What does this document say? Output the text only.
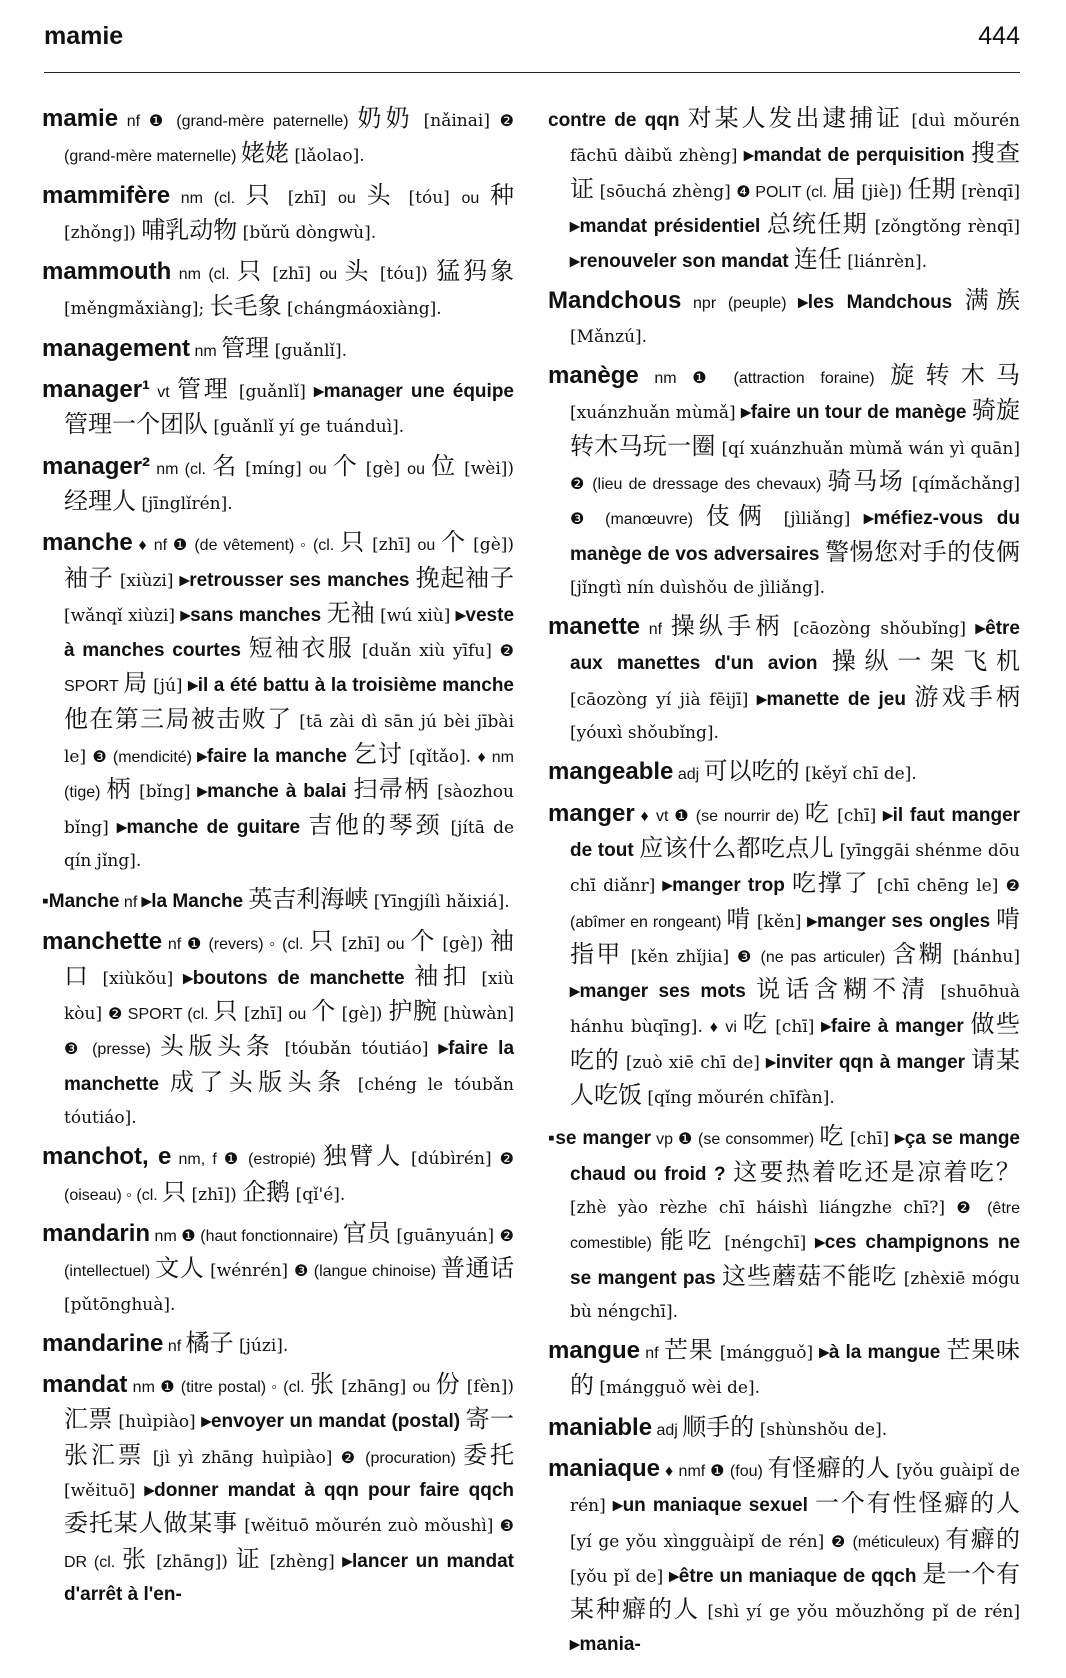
mamie	444

mamie nf ❶ (grand-mère paternelle) 奶奶 [nǎinai] ❷ (grand-mère maternelle) 姥姥 [lǎolao].

mammifère nm (cl. 只 [zhī] ou 头 [tóu] ou 种 [zhǒng]) 哺乳动物 [bǔrǔ dòngwù].

mammouth nm (cl. 只 [zhī] ou 头 [tóu]) 猛犸象 [měngmǎxiàng]; 长毛象 [chángmáoxiàng].

management nm 管理 [guǎnlǐ].

manager¹ vt 管理 [guǎnlǐ] ▸manager une équipe 管理一个团队 [guǎnlǐ yí ge tuánduì].

manager² nm (cl. 名 [míng] ou 个 [gè] ou 位 [wèi]) 经理人 [jīnglǐrén].

manche ♦ nf ❶ (de vêtement) ◦ (cl. 只 [zhī] ou 个 [gè]) 袖子 [xiùzi] ▸retrousser ses manches 挽起袖子 [wǎnqǐ xiùzi] ▸sans manches 无袖 [wú xiù] ▸veste à manches courtes 短袖衣服 [duǎn xiù yīfu] ❷ SPORT 局 [jú] ▸il a été battu à la troisième manche 他在第三局被击败了 [tā zài dì sān jú bèi jībài le] ❸ (mendicité) ▸faire la manche 乞讨 [qǐtǎo]. ♦ nm (tige) 柄 [bǐng] ▸manche à balai 扫帚柄 [sàozhou bǐng] ▸manche de guitare 吉他的琴颈 [jítā de qín jǐng].

▪Manche nf ▸la Manche 英吉利海峡 [Yīngjílì hǎixiá].

manchette nf ❶ (revers) ◦ (cl. 只 [zhī] ou 个 [gè]) 袖口 [xiùkǒu] ▸boutons de manchette 袖扣 [xiù kòu] ❷ SPORT (cl. 只 [zhī] ou 个 [gè]) 护腕 [hùwàn] ❸ (presse) 头版头条 [tóubǎn tóutiáo] ▸faire la manchette 成了头版头条 [chéng le tóubǎn tóutiáo].

manchot, e nm, f ❶ (estropié) 独臂人 [dúbìrén] ❷ (oiseau) ◦ (cl. 只 [zhī]) 企鹅 [qǐ'é].

mandarin nm ❶ (haut fonctionnaire) 官员 [guānyuán] ❷ (intellectuel) 文人 [wénrén] ❸ (langue chinoise) 普通话 [pǔtōnghuà].

mandarine nf 橘子 [júzi].

mandat nm ❶ (titre postal) ◦ (cl. 张 [zhāng] ou 份 [fèn]) 汇票 [huìpiào] ▸envoyer un mandat (postal) 寄一张汇票 [jì yì zhāng huìpiào] ❷ (procuration) 委托 [wěituō] ▸donner mandat à qqn pour faire qqch 委托某人做某事 [wěituō mǒurén zuò mǒushì] ❸ DR (cl. 张 [zhāng]) 证 [zhèng] ▸lancer un mandat d'arrêt à l'en-

contre de qqn 对某人发出逮捕证 [duì mǒurén fāchū dàibǔ zhèng] ▸mandat de perquisition 搜查证 [sōuchá zhèng] ❹ POLIT (cl. 届 [jiè]) 任期 [rènqī] ▸mandat présidentiel 总统任期 [zǒngtǒng rènqī] ▸renouveler son mandat 连任 [liánrèn].

Mandchous npr (peuple) ▸les Mandchous 满族 [Mǎnzú].

manège nm ❶ (attraction foraine) 旋转木马 [xuánzhuǎn mùmǎ] ▸faire un tour de manège 骑旋转木马玩一圈 [qí xuánzhuǎn mùmǎ wán yì quān] ❷ (lieu de dressage des chevaux) 骑马场 [qímǎchǎng] ❸ (manœuvre) 伎俩 [jìliǎng] ▸méfiez-vous du manège de vos adversaires 警惕您对手的伎俩 [jǐngtì nín duìshǒu de jìliǎng].

manette nf 操纵手柄 [cāozòng shǒubǐng] ▸être aux manettes d'un avion 操纵一架飞机 [cāozòng yí jià fēijī] ▸manette de jeu 游戏手柄 [yóuxì shǒubǐng].

mangeable adj 可以吃的 [kěyǐ chī de].

manger ♦ vt ❶ (se nourrir de) 吃 [chī] ▸il faut manger de tout 应该什么都吃点儿 [yīnggāi shénme dōu chī diǎnr] ▸manger trop 吃撑了 [chī chēng le] ❷ (abîmer en rongeant) 啃 [kěn] ▸manger ses ongles 啃指甲 [kěn zhǐjia] ❸ (ne pas articuler) 含糊 [hánhu] ▸manger ses mots 说话含糊不清 [shuōhuà hánhu bùqīng]. ♦ vi 吃 [chī] ▸faire à manger 做些吃的 [zuò xiē chī de] ▸inviter qqn à manger 请某人吃饭 [qǐng mǒurén chīfàn].

▪se manger vp ❶ (se consommer) 吃 [chī] ▸ça se mange chaud ou froid ? 这要热着吃还是凉着吃？ [zhè yào rèzhe chī háishì liángzhe chī?] ❷ (être comestible) 能吃 [néngchī] ▸ces champignons ne se mangent pas 这些蘑菇不能吃 [zhèxiē mógu bù néngchī].

mangue nf 芒果 [mángguǒ] ▸à la mangue 芒果味的 [mángguǒ wèi de].

maniable adj 顺手的 [shùnshǒu de].

maniaque ♦ nmf ❶ (fou) 有怪癖的人 [yǒu guàipǐ de rén] ▸un maniaque sexuel 一个有性怪癖的人 [yí ge yǒu xìngguàipǐ de rén] ❷ (méticuleux) 有癖的 [yǒu pǐ de] ▸être un maniaque de qqch 是一个有某种癖的人 [shì yí ge yǒu mǒuzhǒng pǐ de rén] ▸mania-
